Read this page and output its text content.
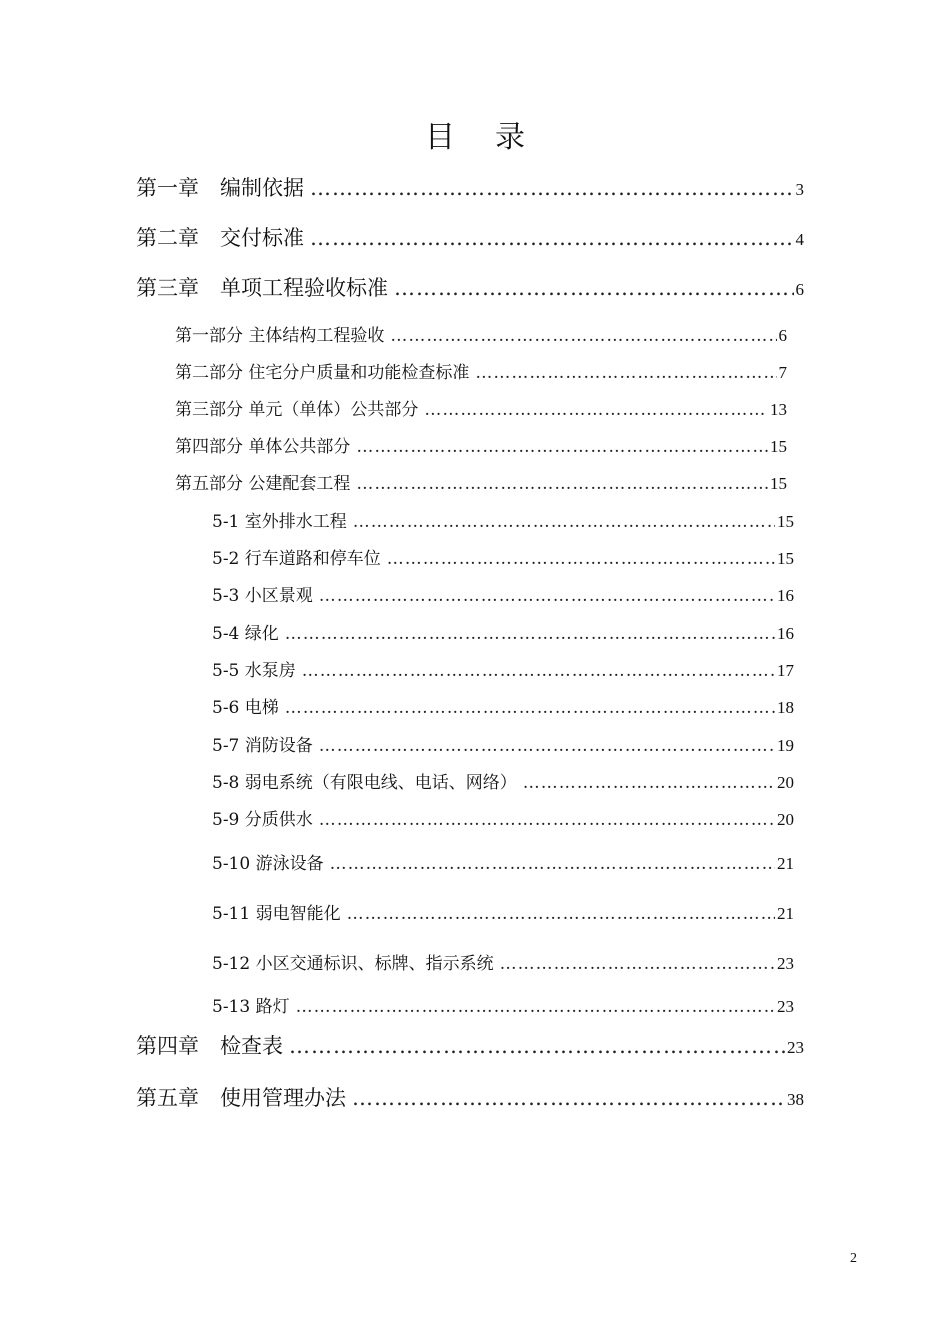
目录
第一章　编制依据 ……………………………………………………………………………………………………………………………………………………………………	3
第二章　交付标准 ……………………………………………………………………………………………………………………………………………………………………	4
第三章　单项工程验收标准 ……………………………………………………………………………………………………………………………………………………………………	6
第一部分 主体结构工程验收 ……………………………………………………………………………………………………………………………………………………………………	6
第二部分 住宅分户质量和功能检查标准 ……………………………………………………………………………………………………………………………………………………………………	7
第三部分 单元（单体）公共部分 ……………………………………………………………………………………………………………………………………………………………………	13
第四部分 单体公共部分 ……………………………………………………………………………………………………………………………………………………………………	15
第五部分 公建配套工程 ……………………………………………………………………………………………………………………………………………………………………	15
5-1 室外排水工程 ……………………………………………………………………………………………………………………………………………………………………	15
5-2 行车道路和停车位 ……………………………………………………………………………………………………………………………………………………………………	15
5-3 小区景观 ……………………………………………………………………………………………………………………………………………………………………	16
5-4 绿化 ……………………………………………………………………………………………………………………………………………………………………	16
5-5 水泵房 ……………………………………………………………………………………………………………………………………………………………………	17
5-6 电梯 ……………………………………………………………………………………………………………………………………………………………………	18
5-7 消防设备 ……………………………………………………………………………………………………………………………………………………………………	19
5-8 弱电系统（有限电线、电话、网络） ……………………………………………………………………………………………………………………………………………………………………	20
5-9 分质供水 ……………………………………………………………………………………………………………………………………………………………………	20
5-10 游泳设备 ……………………………………………………………………………………………………………………………………………………………………	21
5-11 弱电智能化 ……………………………………………………………………………………………………………………………………………………………………	21
5-12 小区交通标识、标牌、指示系统 ……………………………………………………………………………………………………………………………………………………………………	23
5-13 路灯 ……………………………………………………………………………………………………………………………………………………………………	23
第四章　检查表 ……………………………………………………………………………………………………………………………………………………………………	23
第五章　使用管理办法 ……………………………………………………………………………………………………………………………………………………………………	38
2
